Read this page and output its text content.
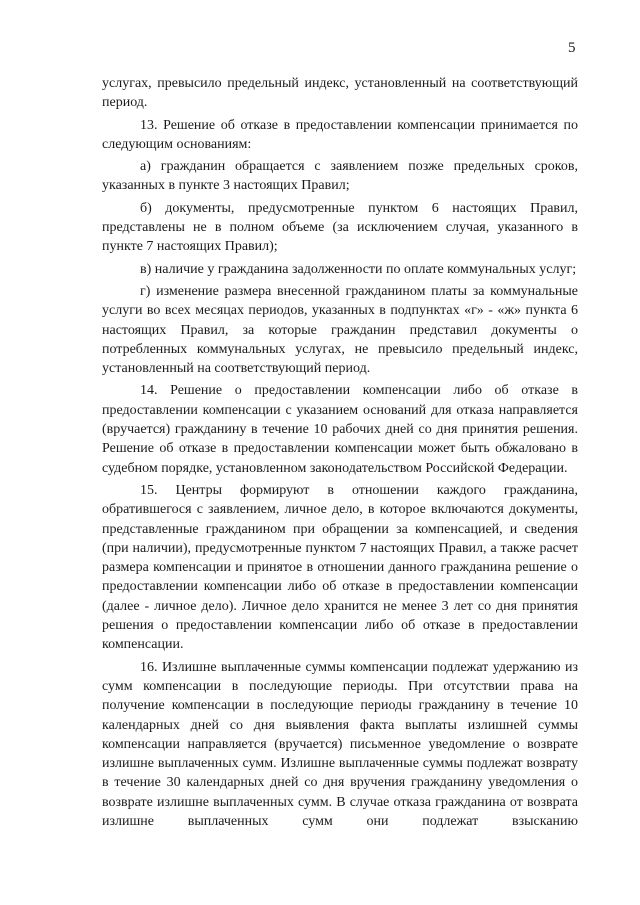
5

услугах, превысило предельный индекс, установленный на соответствующий период.

13. Решение об отказе в предоставлении компенсации принимается по следующим основаниям:

а) гражданин обращается с заявлением позже предельных сроков, указанных в пункте 3 настоящих Правил;

б) документы, предусмотренные пунктом 6 настоящих Правил, представлены не в полном объеме (за исключением случая, указанного в пункте 7 настоящих Правил);

в) наличие у гражданина задолженности по оплате коммунальных услуг;

г) изменение размера внесенной гражданином платы за коммунальные услуги во всех месяцах периодов, указанных в подпунктах «г» - «ж» пункта 6 настоящих Правил, за которые гражданин представил документы о потребленных коммунальных услугах, не превысило предельный индекс, установленный на соответствующий период.

14. Решение о предоставлении компенсации либо об отказе в предоставлении компенсации с указанием оснований для отказа направляется (вручается) гражданину в течение 10 рабочих дней со дня принятия решения. Решение об отказе в предоставлении компенсации может быть обжаловано в судебном порядке, установленном законодательством Российской Федерации.

15. Центры формируют в отношении каждого гражданина, обратившегося с заявлением, личное дело, в которое включаются документы, представленные гражданином при обращении за компенсацией, и сведения (при наличии), предусмотренные пунктом 7 настоящих Правил, а также расчет размера компенсации и принятое в отношении данного гражданина решение о предоставлении компенсации либо об отказе в предоставлении компенсации (далее - личное дело). Личное дело хранится не менее 3 лет со дня принятия решения о предоставлении компенсации либо об отказе в предоставлении компенсации.

16. Излишне выплаченные суммы компенсации подлежат удержанию из сумм компенсации в последующие периоды. При отсутствии права на получение компенсации в последующие периоды гражданину в течение 10 календарных дней со дня выявления факта выплаты излишней суммы компенсации направляется (вручается) письменное уведомление о возврате излишне выплаченных сумм. Излишне выплаченные суммы подлежат возврату в течение 30 календарных дней со дня вручения гражданину уведомления о возврате излишне выплаченных сумм. В случае отказа гражданина от возврата излишне выплаченных сумм они подлежат взысканию
